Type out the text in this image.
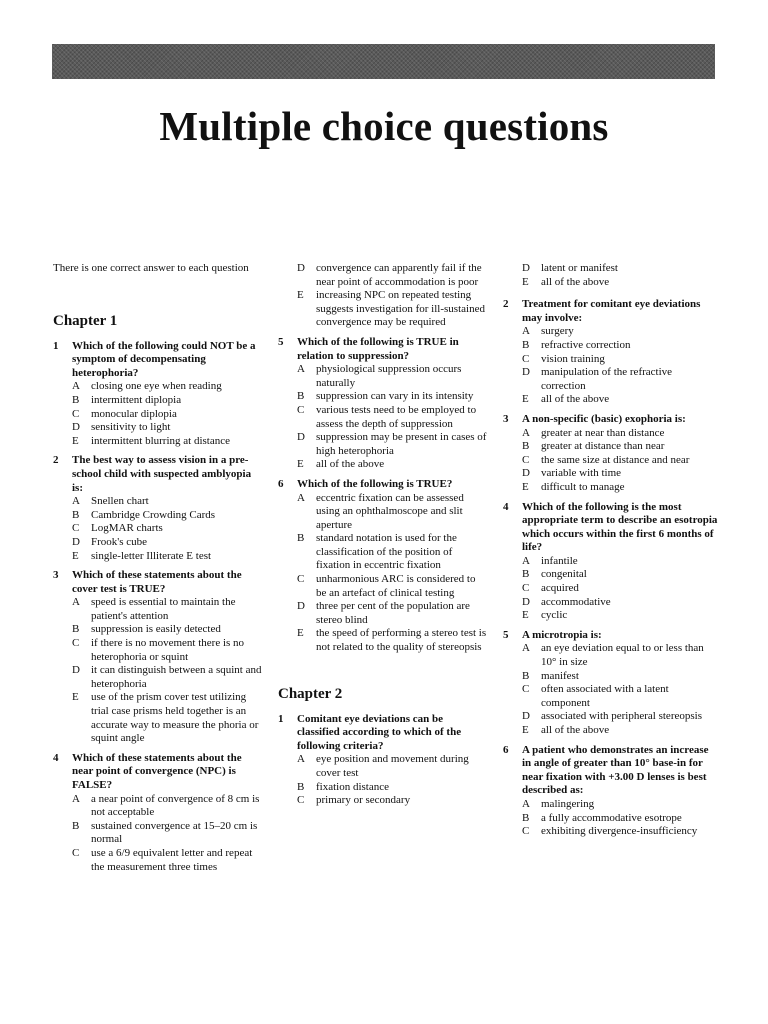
Multiple choice questions

There is one correct answer to each question

Chapter 1
1	Which of the following could NOT be a symptom of decompensating heterophoria?
A	closing one eye when reading
B	intermittent diplopia
C	monocular diplopia
D	sensitivity to light
E	intermittent blurring at distance
2	The best way to assess vision in a pre-school child with suspected amblyopia is:
A	Snellen chart
B	Cambridge Crowding Cards
C	LogMAR charts
D	Frook's cube
E	single-letter Illiterate E test
3	Which of these statements about the cover test is TRUE?
A	speed is essential to maintain the patient's attention
B	suppression is easily detected
C	if there is no movement there is no heterophoria or squint
D	it can distinguish between a squint and heterophoria
E	use of the prism cover test utilizing trial case prisms held together is an accurate way to measure the phoria or squint angle
4	Which of these statements about the near point of convergence (NPC) is FALSE?
A	a near point of convergence of 8 cm is not acceptable
B	sustained convergence at 15–20 cm is normal
C	use a 6/9 equivalent letter and repeat the measurement three times
D	convergence can apparently fail if the near point of accommodation is poor
E	increasing NPC on repeated testing suggests investigation for ill-sustained convergence may be required
5	Which of the following is TRUE in relation to suppression?
A	physiological suppression occurs naturally
B	suppression can vary in its intensity
C	various tests need to be employed to assess the depth of suppression
D	suppression may be present in cases of high heterophoria
E	all of the above
6	Which of the following is TRUE?
A	eccentric fixation can be assessed using an ophthalmoscope and slit aperture
B	standard notation is used for the classification of the position of fixation in eccentric fixation
C	unharmonious ARC is considered to be an artefact of clinical testing
D	three per cent of the population are stereo blind
E	the speed of performing a stereo test is not related to the quality of stereopsis
Chapter 2
1	Comitant eye deviations can be classified according to which of the following criteria?
A	eye position and movement during cover test
B	fixation distance
C	primary or secondary
D	latent or manifest
E	all of the above
2	Treatment for comitant eye deviations may involve:
A	surgery
B	refractive correction
C	vision training
D	manipulation of the refractive correction
E	all of the above
3	A non-specific (basic) exophoria is:
A	greater at near than distance
B	greater at distance than near
C	the same size at distance and near
D	variable with time
E	difficult to manage
4	Which of the following is the most appropriate term to describe an esotropia which occurs within the first 6 months of life?
A	infantile
B	congenital
C	acquired
D	accommodative
E	cyclic
5	A microtropia is:
A	an eye deviation equal to or less than 10° in size
B	manifest
C	often associated with a latent component
D	associated with peripheral stereopsis
E	all of the above
6	A patient who demonstrates an increase in angle of greater than 10° base-in for near fixation with +3.00 D lenses is best described as:
A	malingering
B	a fully accommodative esotrope
C	exhibiting divergence-insufficiency
